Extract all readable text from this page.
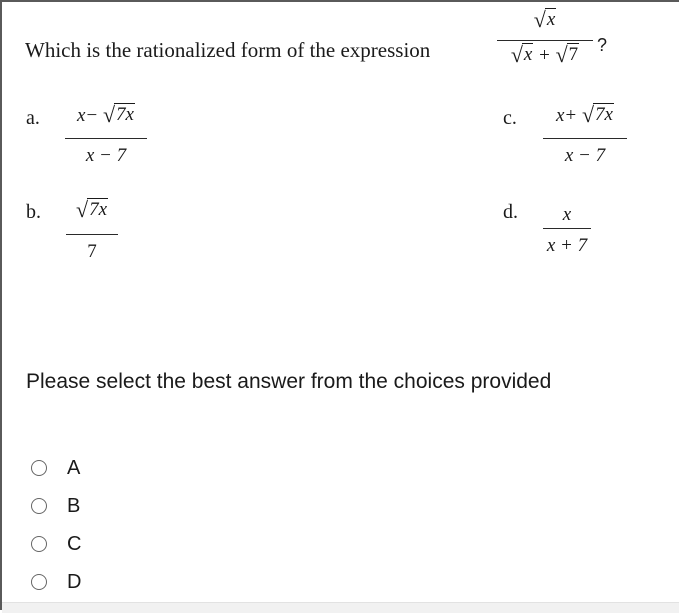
Which is the rationalized form of the expression
√ x
√ x + √ 7 ?
a.	x− √ 7x
x − 7
c.	x+ √ 7x
x − 7
b. √ 7x
7
d.	x
x + 7
Please select the best answer from the choices provided
A
B
C
D
